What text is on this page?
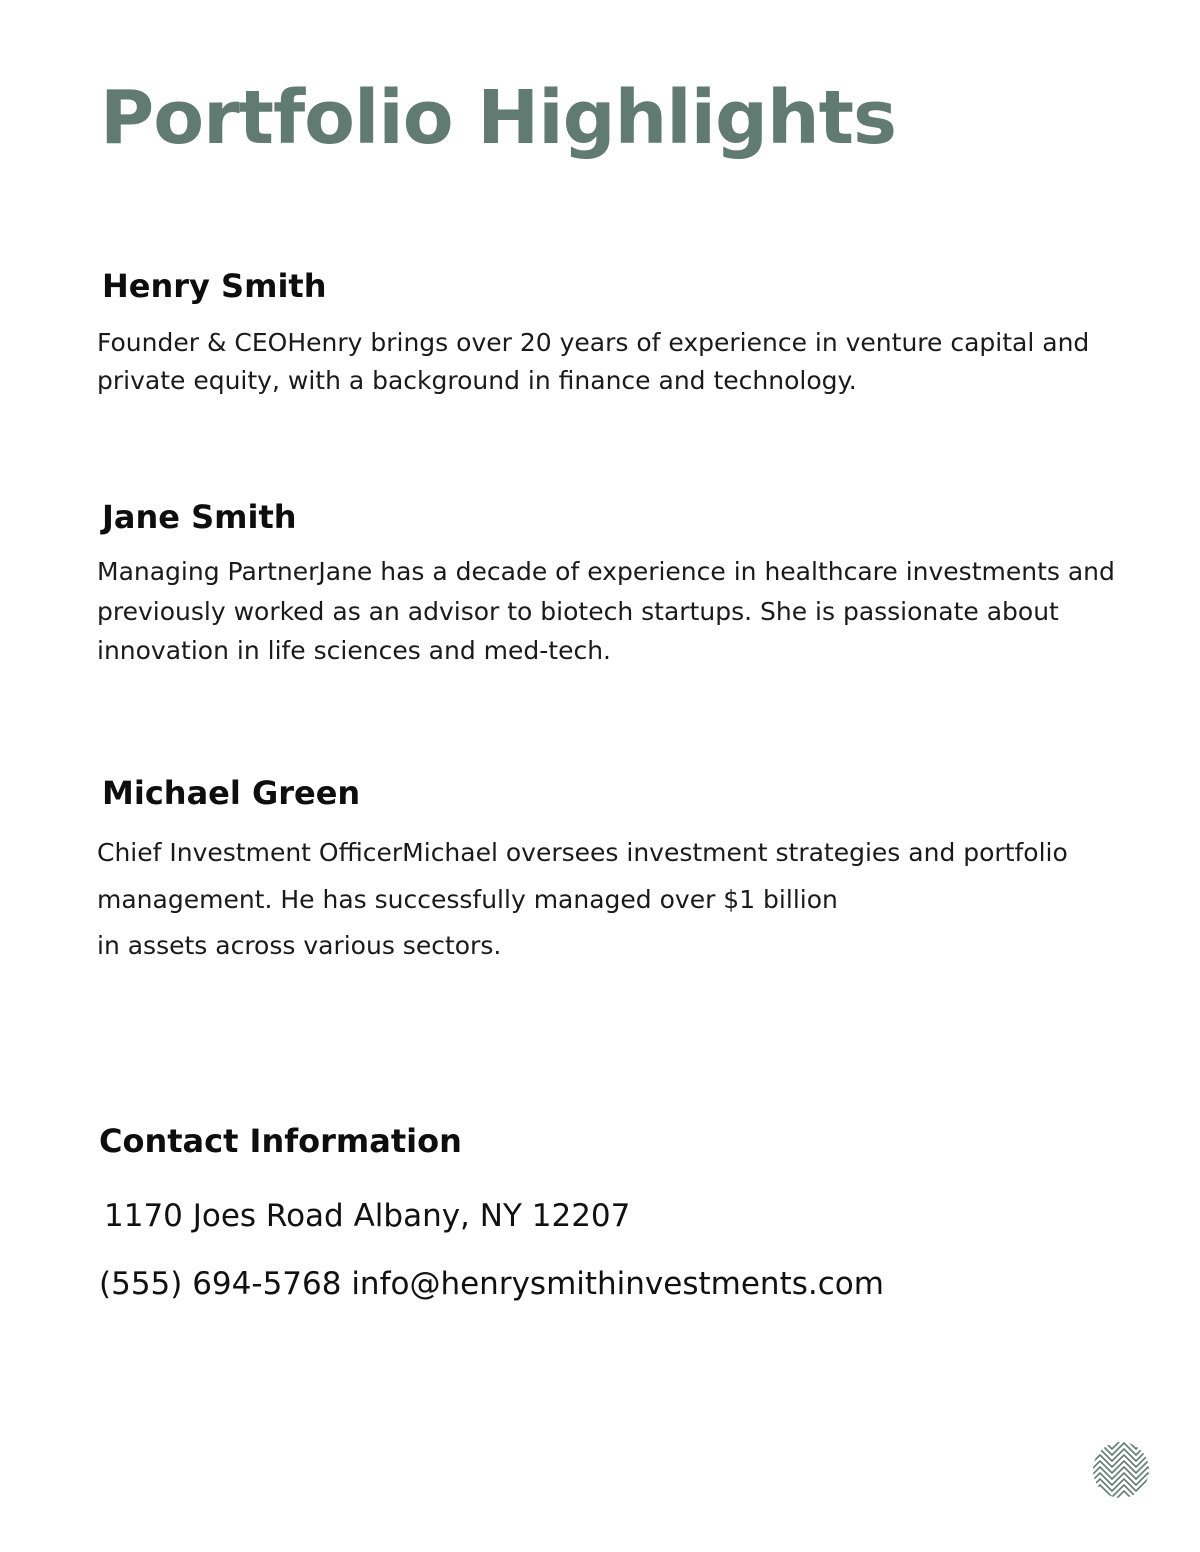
Portfolio Highlights
Henry Smith

Founder & CEOHenry brings over 20 years of experience in venture capital and private equity, with a background in finance and technology.

Jane Smith

Managing PartnerJane has a decade of experience in healthcare investments and previously worked as an advisor to biotech startups. She is passionate about innovation in life sciences and med-tech.

Michael Green
Chief Investment OfficerMichael oversees investment strategies and portfolio
management. He has successfully managed over $1 billion
in assets across various sectors.
Contact Information
1170 Joes Road Albany, NY 12207
(555) 694-5768 info@henrysmithinvestments.com
